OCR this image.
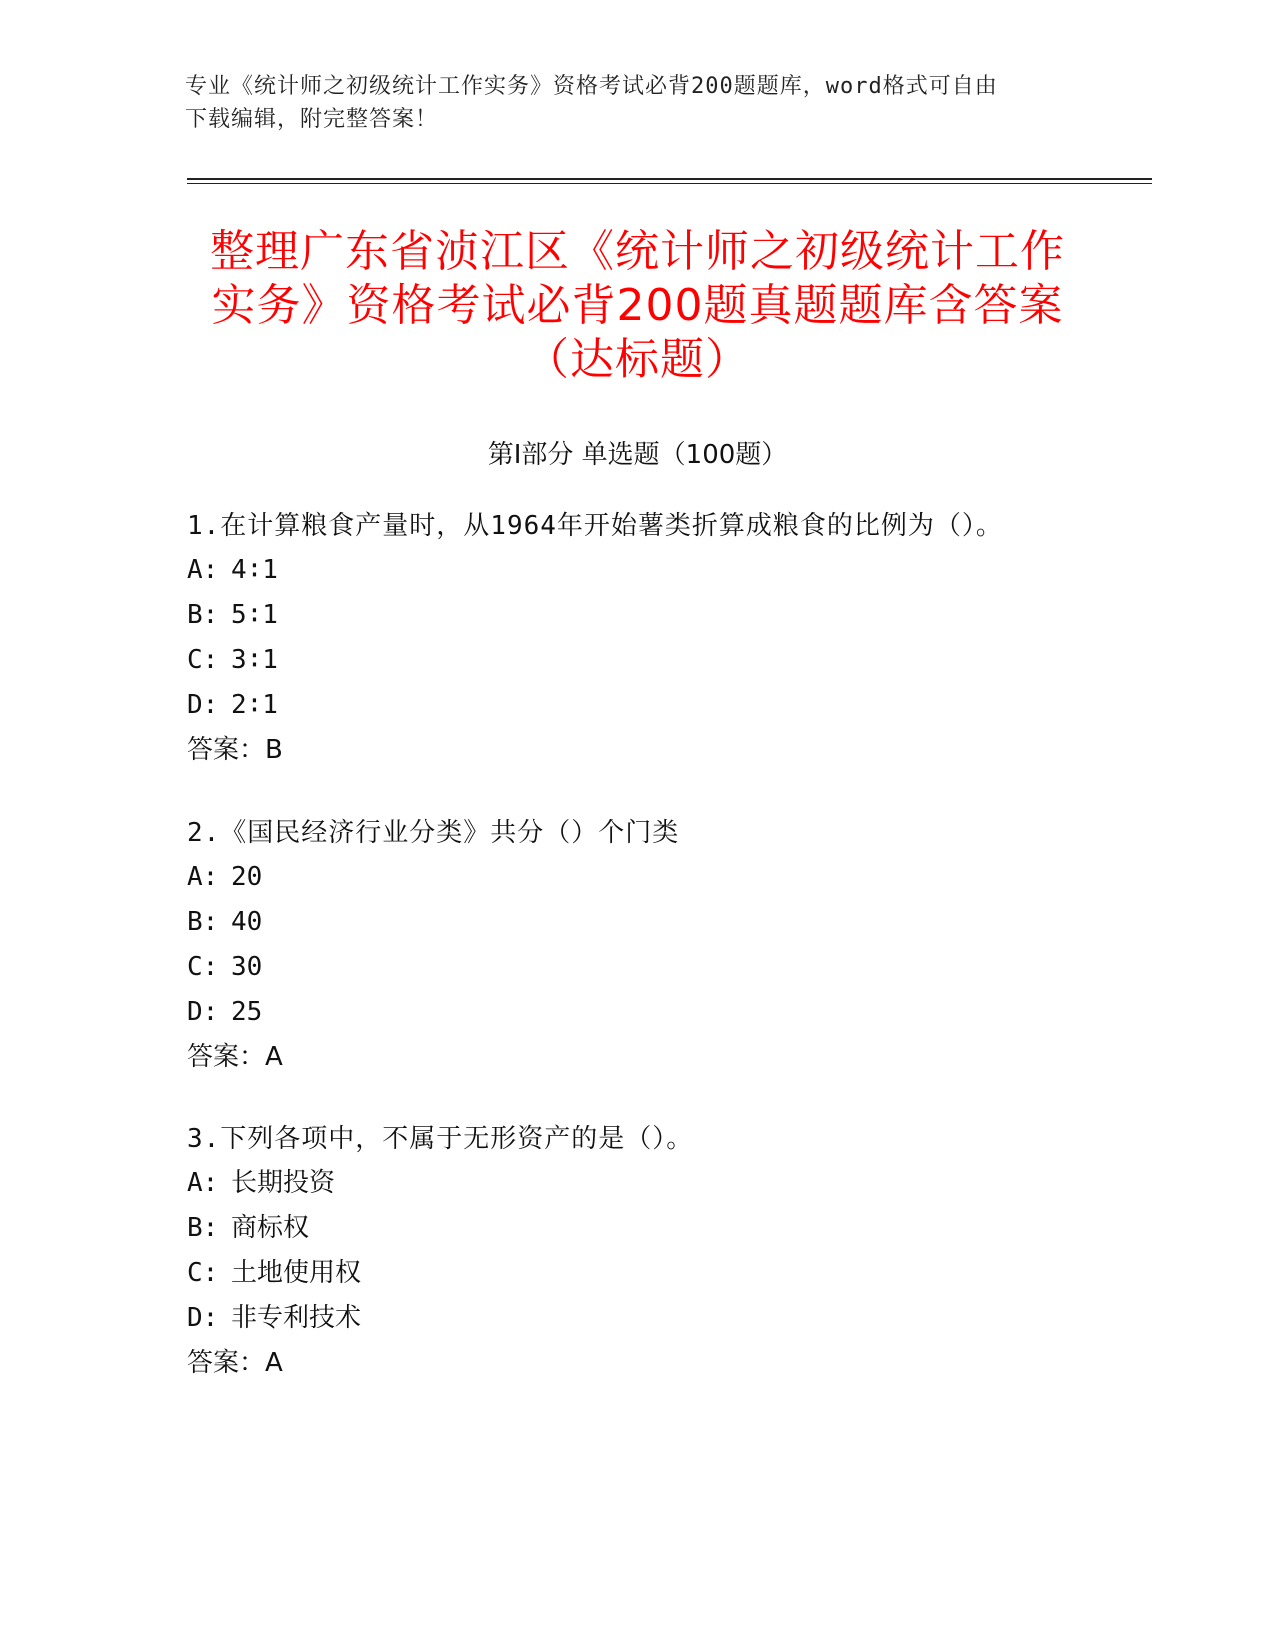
专业《统计师之初级统计工作实务》资格考试必背200题题库，word格式可自由
下载编辑，附完整答案！
整理广东省浈江区《统计师之初级统计工作
实务》资格考试必背200题真题题库含答案
（达标题）
第I部分 单选题（100题）
1.在计算粮食产量时，从1964年开始薯类折算成粮食的比例为（）。
A: 4∶1
B: 5∶1
C: 3∶1
D: 2∶1
答案：B
2.《国民经济行业分类》共分（）个门类
A: 20
B: 40
C: 30
D: 25
答案：A
3.下列各项中，不属于无形资产的是（）。
A: 长期投资
B: 商标权
C: 土地使用权
D: 非专利技术
答案：A
